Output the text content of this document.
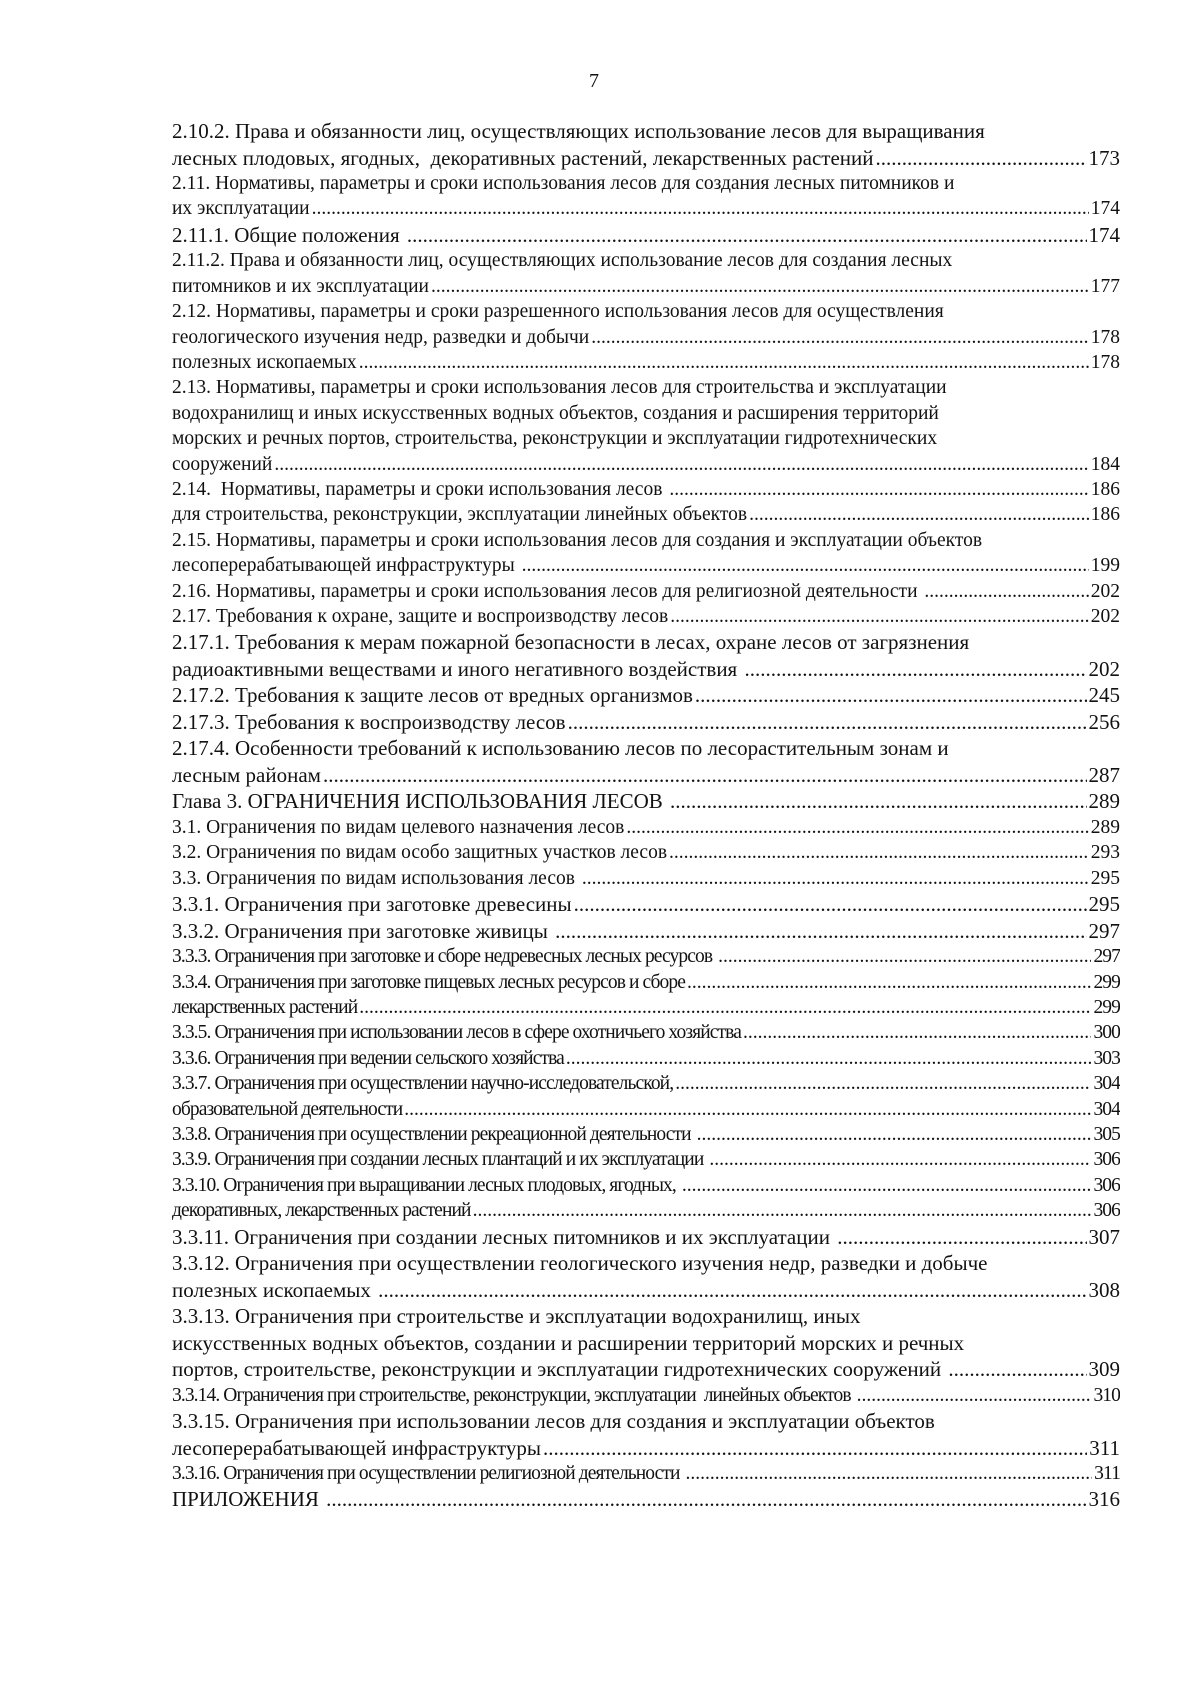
7
2.10.2. Права и обязанности лиц, осуществляющих использование лесов для выращивания
лесных плодовых, ягодных,  декоративных растений, лекарственных растений .....	173
2.11. Нормативы, параметры и сроки использования лесов для создания лесных питомников и
их эксплуатации .....	174
2.11.1. Общие положения .....	174
2.11.2. Права и обязанности лиц, осуществляющих использование лесов для создания лесных
питомников и их эксплуатации .....	177
2.12. Нормативы, параметры и сроки разрешенного использования лесов для осуществления
геологического изучения недр, разведки и добычи .....	178
полезных ископаемых .....	178
2.13. Нормативы, параметры и сроки использования лесов для строительства и эксплуатации
водохранилищ и иных искусственных водных объектов, создания и расширения территорий
морских и речных портов, строительства, реконструкции и эксплуатации гидротехнических
сооружений .....	184
2.14.  Нормативы, параметры и сроки использования лесов .....	186
для строительства, реконструкции, эксплуатации линейных объектов .....	186
2.15. Нормативы, параметры и сроки использования лесов для создания и эксплуатации объектов
лесоперерабатывающей инфраструктуры .....	199
2.16. Нормативы, параметры и сроки использования лесов для религиозной деятельности .....	202
2.17. Требования к охране, защите и воспроизводству лесов .....	202
2.17.1. Требования к мерам пожарной безопасности в лесах, охране лесов от загрязнения
радиоактивными веществами и иного негативного воздействия .....	202
2.17.2. Требования к защите лесов от вредных организмов .....	245
2.17.3. Требования к воспроизводству лесов .....	256
2.17.4. Особенности требований к использованию лесов по лесорастительным зонам и
лесным районам .....	287
Глава 3. ОГРАНИЧЕНИЯ ИСПОЛЬЗОВАНИЯ ЛЕСОВ .....	289
3.1. Ограничения по видам целевого назначения лесов .....	289
3.2. Ограничения по видам особо защитных участков лесов .....	293
3.3. Ограничения по видам использования лесов .....	295
3.3.1. Ограничения при заготовке древесины .....	295
3.3.2. Ограничения при заготовке живицы .....	297
3.3.3. Ограничения при заготовке и сборе недревесных лесных ресурсов .....	297
3.3.4. Ограничения при заготовке пищевых лесных ресурсов и сборе .....	299
лекарственных растений .....	299
3.3.5. Ограничения при использовании лесов в сфере охотничьего хозяйства .....	300
3.3.6. Ограничения при ведении сельского хозяйства .....	303
3.3.7. Ограничения при осуществлении научно-исследовательской, .....	304
образовательной деятельности .....	304
3.3.8. Ограничения при осуществлении рекреационной деятельности .....	305
3.3.9. Ограничения при создании лесных плантаций и их эксплуатации .....	306
3.3.10. Ограничения при выращивании лесных плодовых, ягодных, .....	306
декоративных, лекарственных растений .....	306
3.3.11. Ограничения при создании лесных питомников и их эксплуатации .....	307
3.3.12. Ограничения при осуществлении геологического изучения недр, разведки и добыче
полезных ископаемых .....	308
3.3.13. Ограничения при строительстве и эксплуатации водохранилищ, иных
искусственных водных объектов, создании и расширении территорий морских и речных
портов, строительстве, реконструкции и эксплуатации гидротехнических сооружений .....	309
3.3.14. Ограничения при строительстве, реконструкции, эксплуатации  линейных объектов .....	310
3.3.15. Ограничения при использовании лесов для создания и эксплуатации объектов
лесоперерабатывающей инфраструктуры .....	311
3.3.16. Ограничения при осуществлении религиозной деятельности .....	311
ПРИЛОЖЕНИЯ .....	316
